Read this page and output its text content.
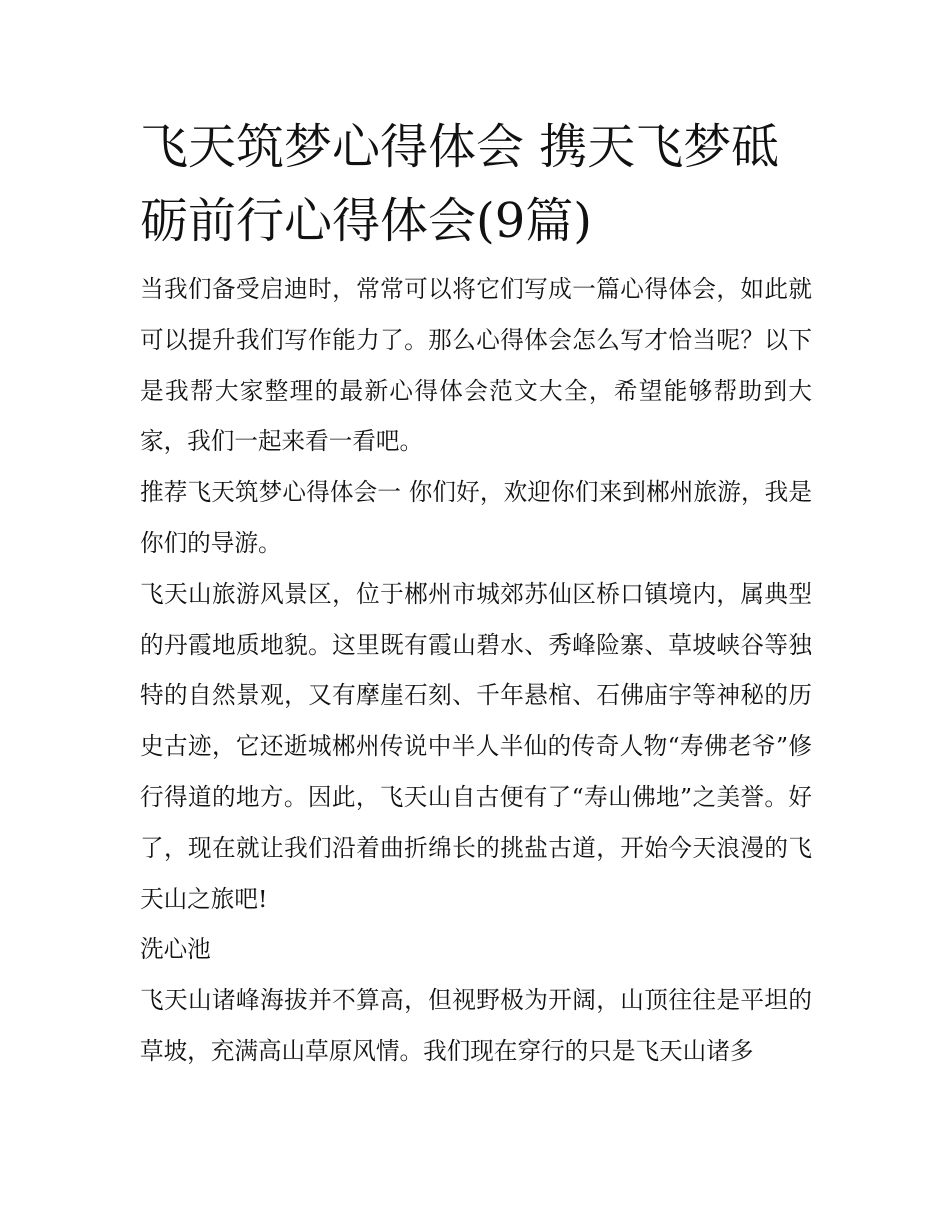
飞天筑梦心得体会 携天飞梦砥砺前行心得体会(9篇)

当我们备受启迪时，常常可以将它们写成一篇心得体会，如此就可以提升我们写作能力了。那么心得体会怎么写才恰当呢？以下是我帮大家整理的最新心得体会范文大全，希望能够帮助到大家，我们一起来看一看吧。

推荐飞天筑梦心得体会一 你们好，欢迎你们来到郴州旅游，我是你们的导游。

飞天山旅游风景区，位于郴州市城郊苏仙区桥口镇境内，属典型的丹霞地质地貌。这里既有霞山碧水、秀峰险寨、草坡峡谷等独特的自然景观，又有摩崖石刻、千年悬棺、石佛庙宇等神秘的历史古迹，它还逝城郴州传说中半人半仙的传奇人物“寿佛老爷”修行得道的地方。因此，飞天山自古便有了“寿山佛地”之美誉。好了，现在就让我们沿着曲折绵长的挑盐古道，开始今天浪漫的飞天山之旅吧!

洗心池

飞天山诸峰海拔并不算高，但视野极为开阔，山顶往往是平坦的草坡，充满高山草原风情。我们现在穿行的只是飞天山诸多
